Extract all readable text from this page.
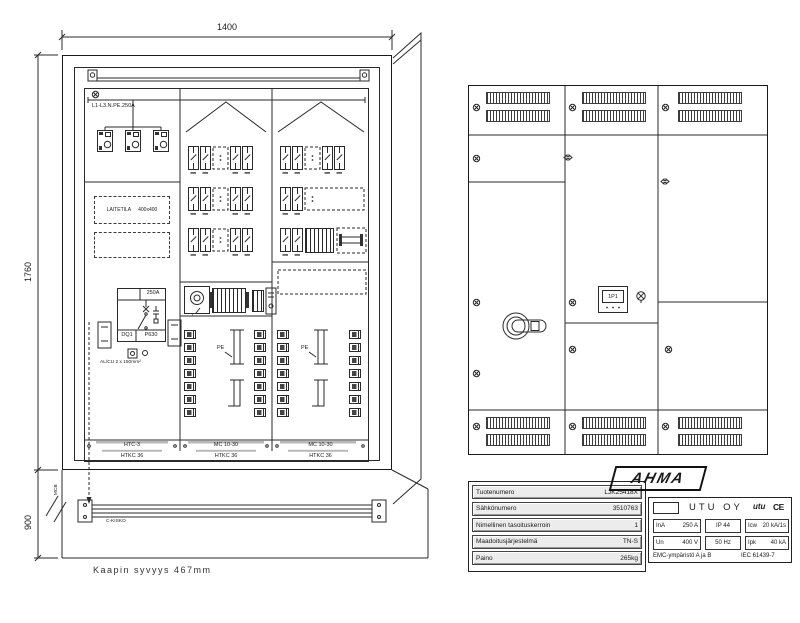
LAITETILA 400x400
250A
DQ1	P630
AL/CU 2 x 150mm²
MCB
L1-L3.N.PE.250A
1
PE	PE
HTC-3	MC 10-30	MC 10-30
HTKC 36	HTKC 36	HTKC 36
C-KISKO
Kaapin syvyys 467mm
1400
1760
900
1P1
Tuotenumero	LJK25418X
Sähkönumero	3510763
Nimellinen tasoituskerroin	1
Maadoitusjärjestelmä	TN-S
Paino	265kg
AHMA
UTU OY utu CE
InA	250 A	IP 44	Icw 20 kA/1s
Un	400 V	50 Hz	Ipk 40 kA
EMC-ympäristö A ja B	IEC 61439-7
